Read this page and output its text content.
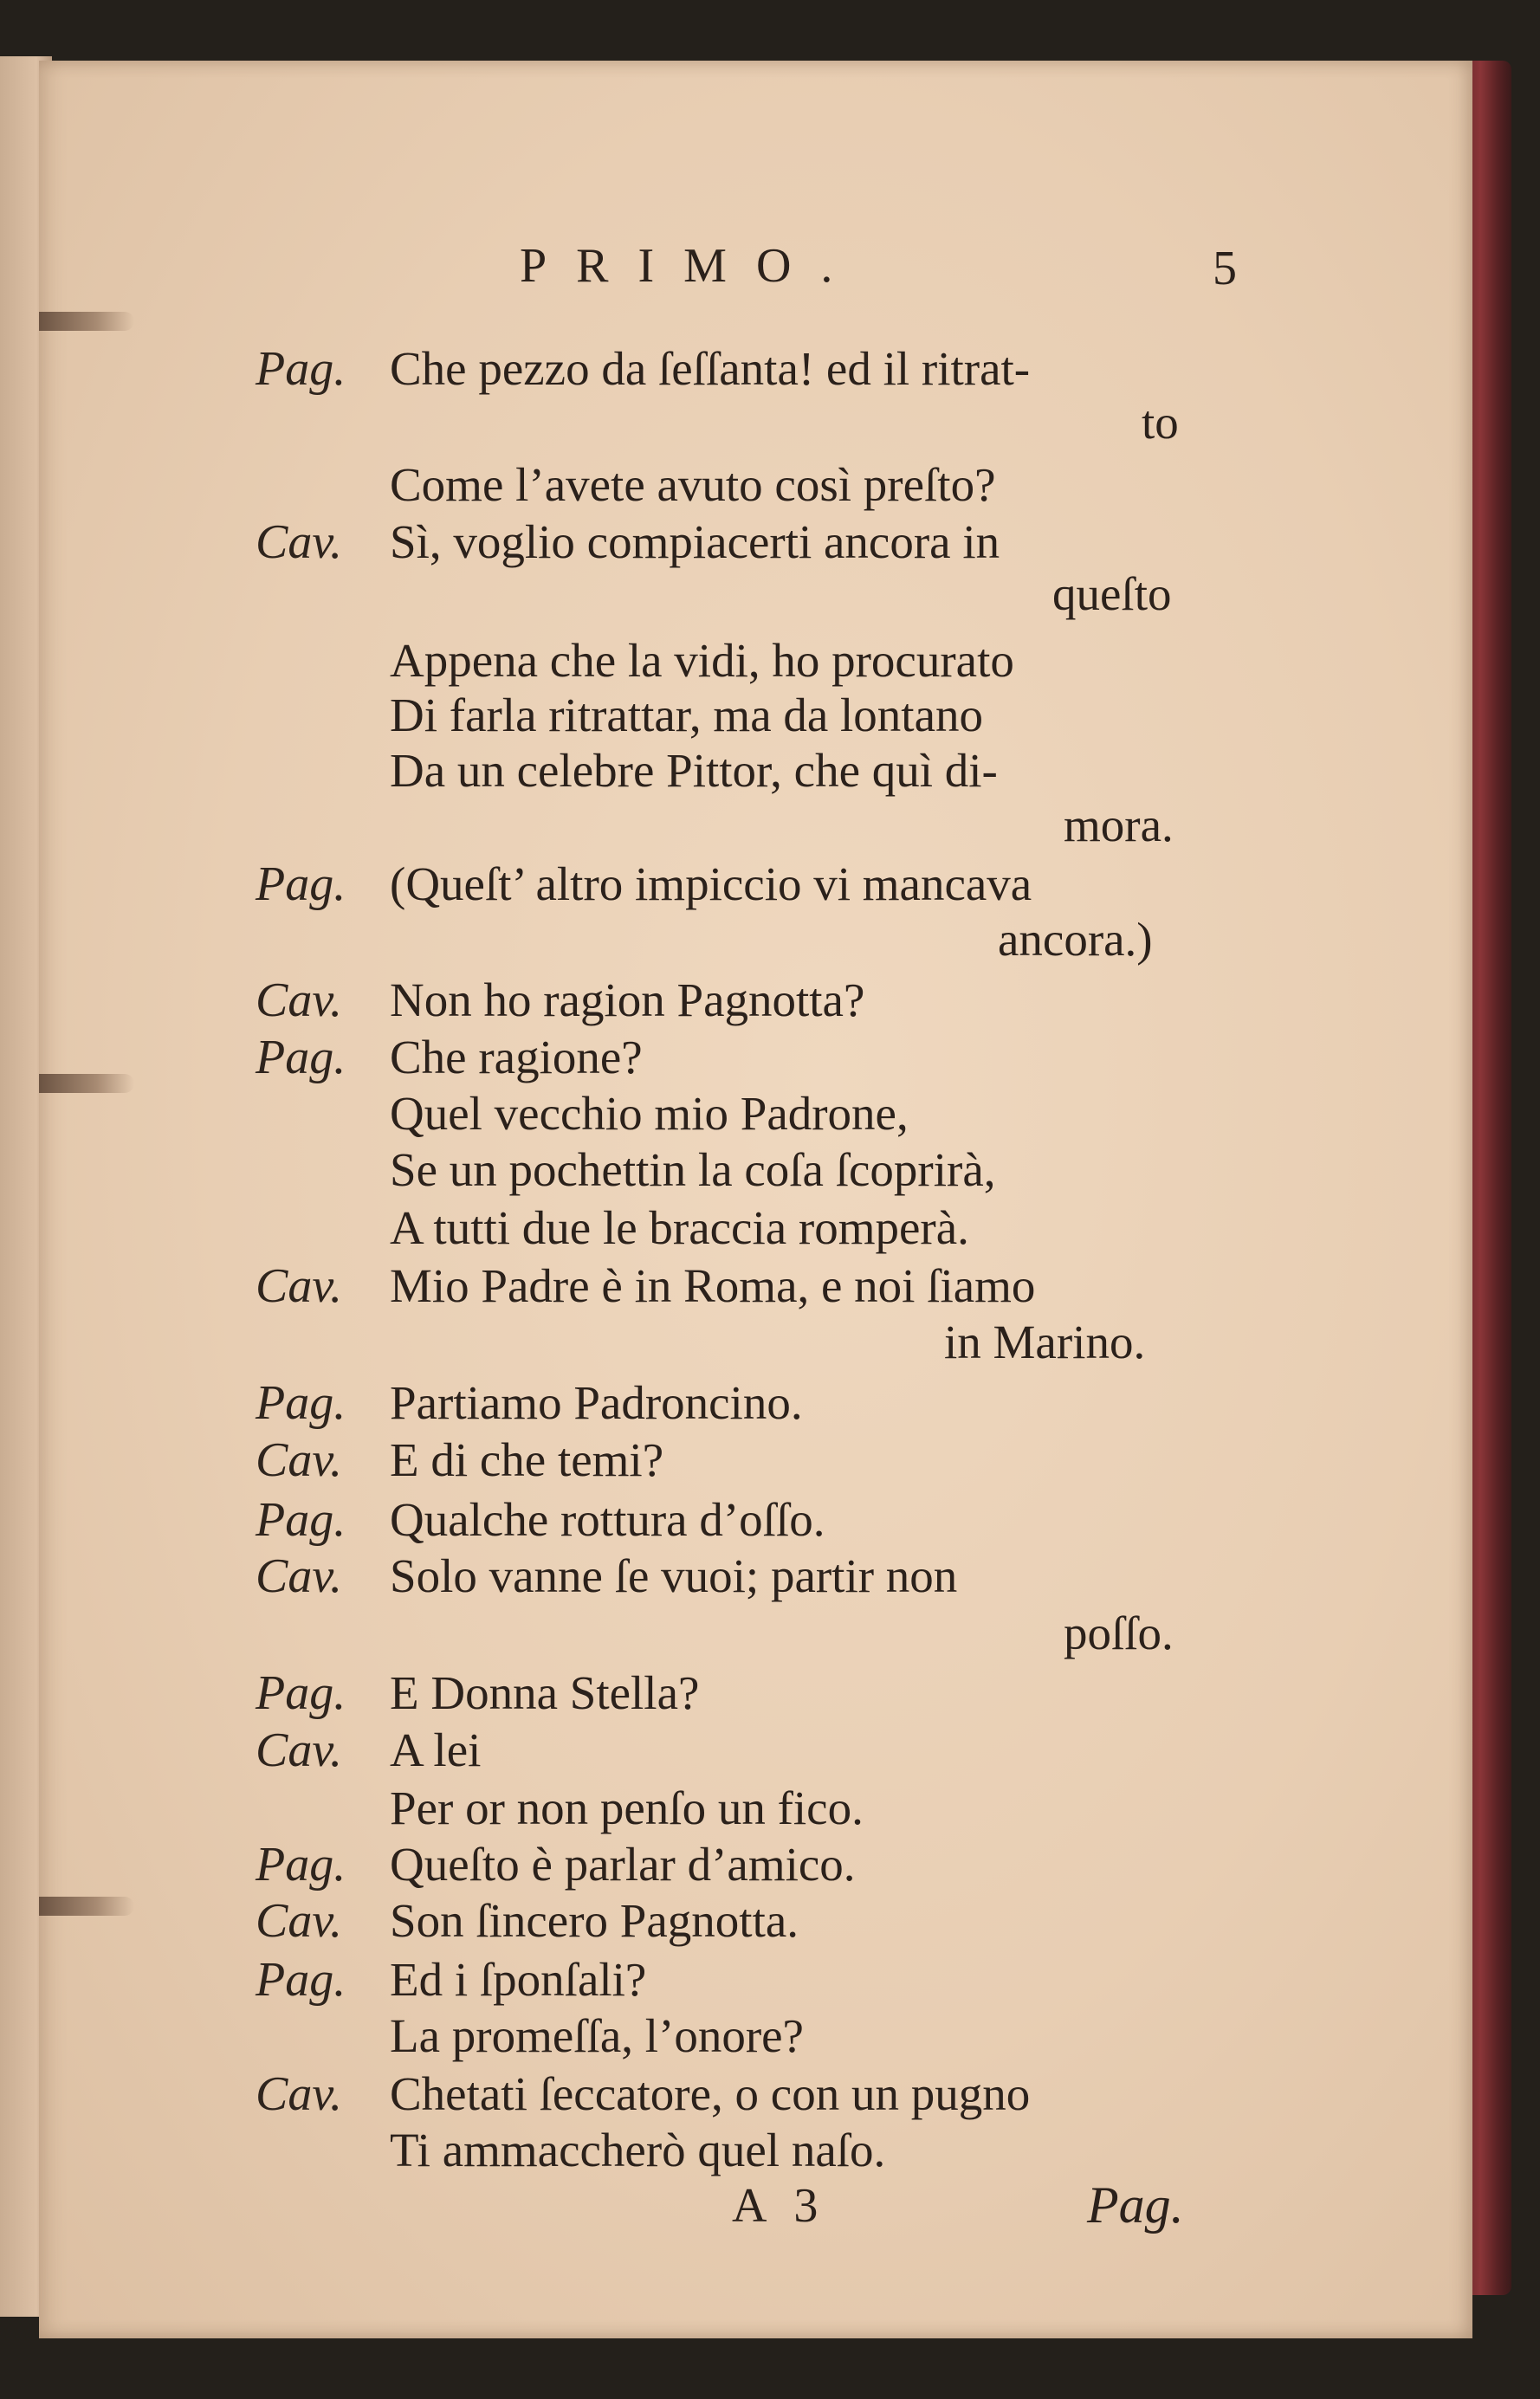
PRIMO.	5
Pag. Che pezzo da ſeſſanta! ed il ritrat-
to
Come l’avete avuto così preſto?
Cav. Sì, voglio compiacerti ancora in
queſto
Appena che la vidi, ho procurato
Di farla ritrattar, ma da lontano
Da un celebre Pittor, che quì di-
mora.
Pag. (Queſt’ altro impiccio vi mancava
ancora.)
Cav. Non ho ragion Pagnotta?
Pag. Che ragione?
Quel vecchio mio Padrone,
Se un pochettin la coſa ſcoprirà,
A tutti due le braccia romperà.
Cav. Mio Padre è in Roma, e noi ſiamo
in Marino.
Pag. Partiamo Padroncino.
Cav. E di che temi?
Pag. Qualche rottura d’oſſo.
Cav. Solo vanne ſe vuoi; partir non
poſſo.
Pag. E Donna Stella?
Cav. A lei
Per or non penſo un fico.
Pag. Queſto è parlar d’amico.
Cav. Son ſincero Pagnotta.
Pag. Ed i ſponſali?
La promeſſa, l’onore?
Cav. Chetati ſeccatore, o con un pugno
Ti ammaccherò quel naſo.
A 3	Pag.
